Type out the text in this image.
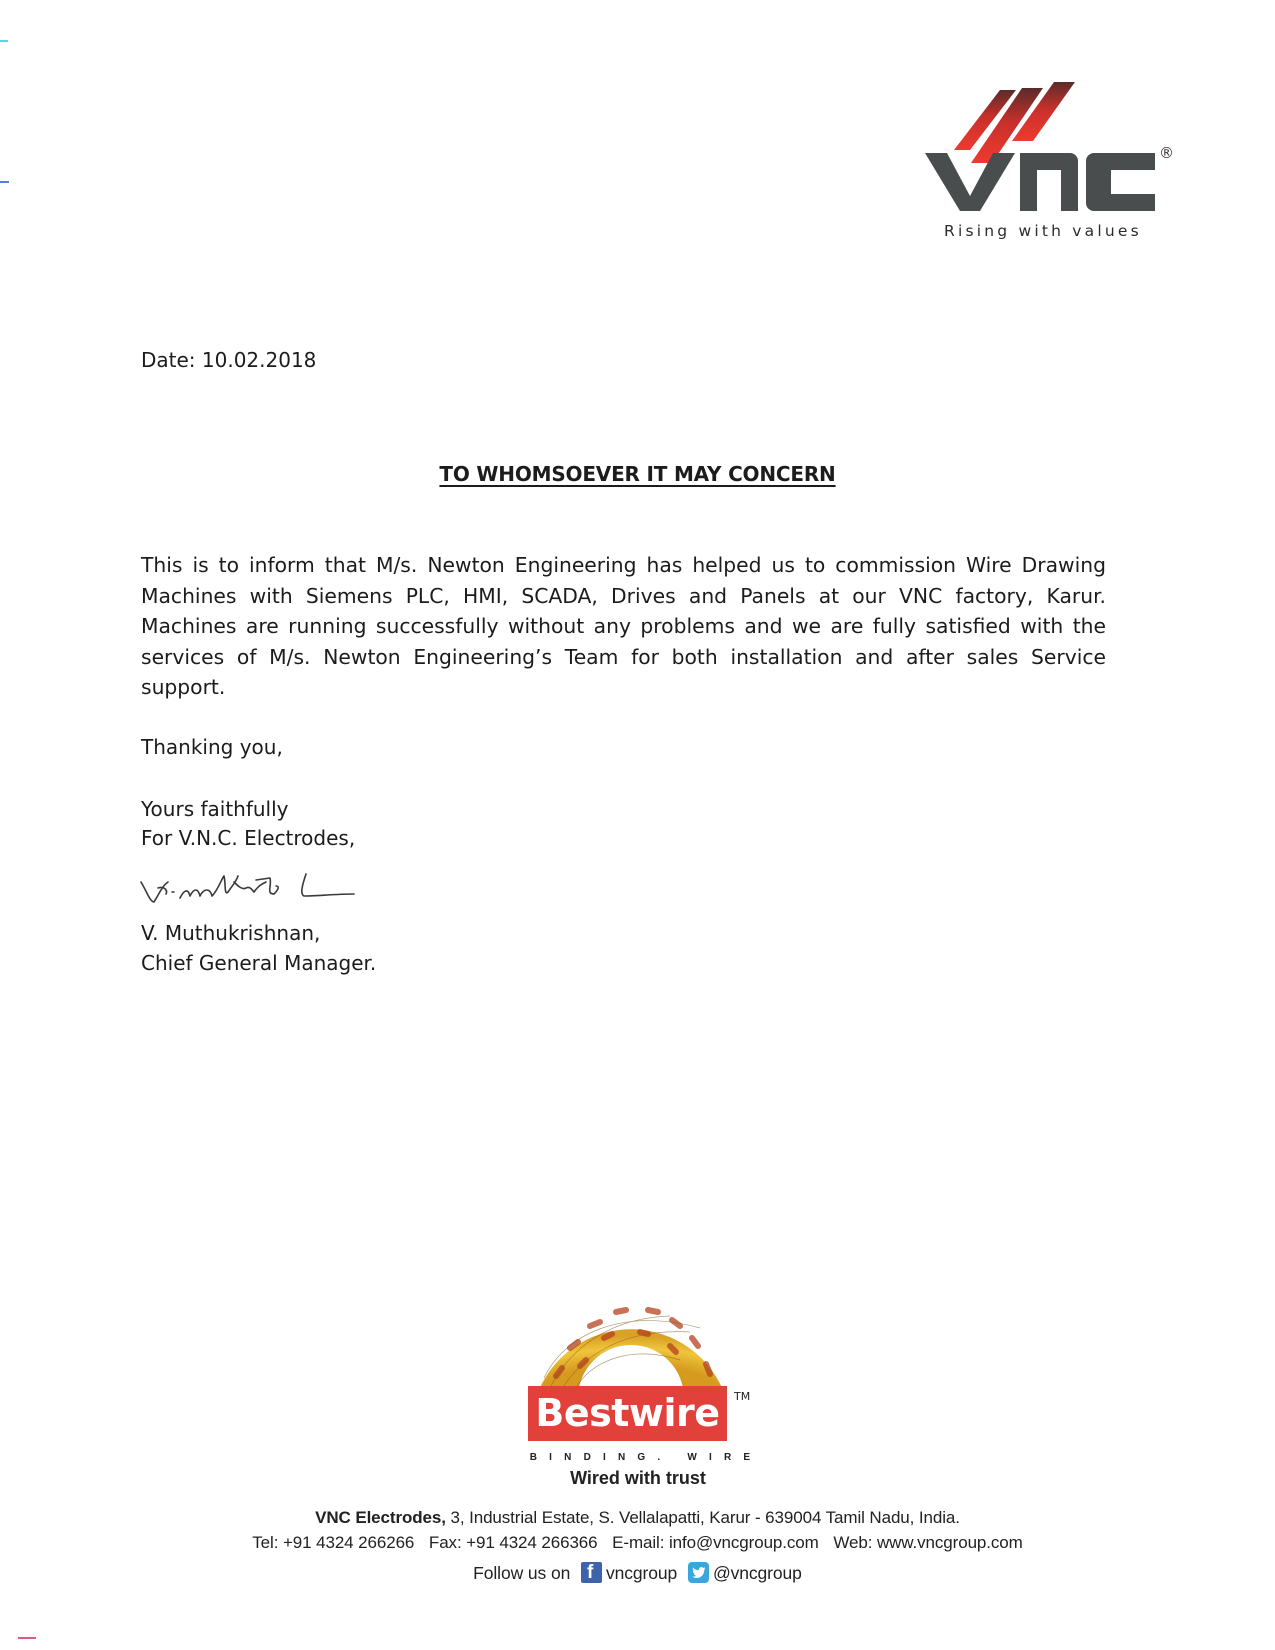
®
Rising with values
Date: 10.02.2018
TO WHOMSOEVER IT MAY CONCERN
This is to inform that M/s. Newton Engineering has helped us to commission Wire Drawing Machines with Siemens PLC, HMI, SCADA, Drives and Panels at our VNC factory, Karur. Machines are running successfully without any problems and we are fully satisfied with the services of M/s. Newton Engineering’s Team for both installation and after sales Service support.
Thanking you,
Yours faithfully
For V.N.C. Electrodes,
V. Muthukrishnan,
Chief General Manager.
Bestwire	TM
BINDING. WIRE
Wired with trust
VNC Electrodes, 3, Industrial Estate, S. Vellalapatti, Karur - 639004 Tamil Nadu, India.
Tel: +91 4324 266266 Fax: +91 4324 266366 E-mail: info@vncgroup.com Web: www.vncgroup.com
Follow us on f vncgroup @vncgroup
